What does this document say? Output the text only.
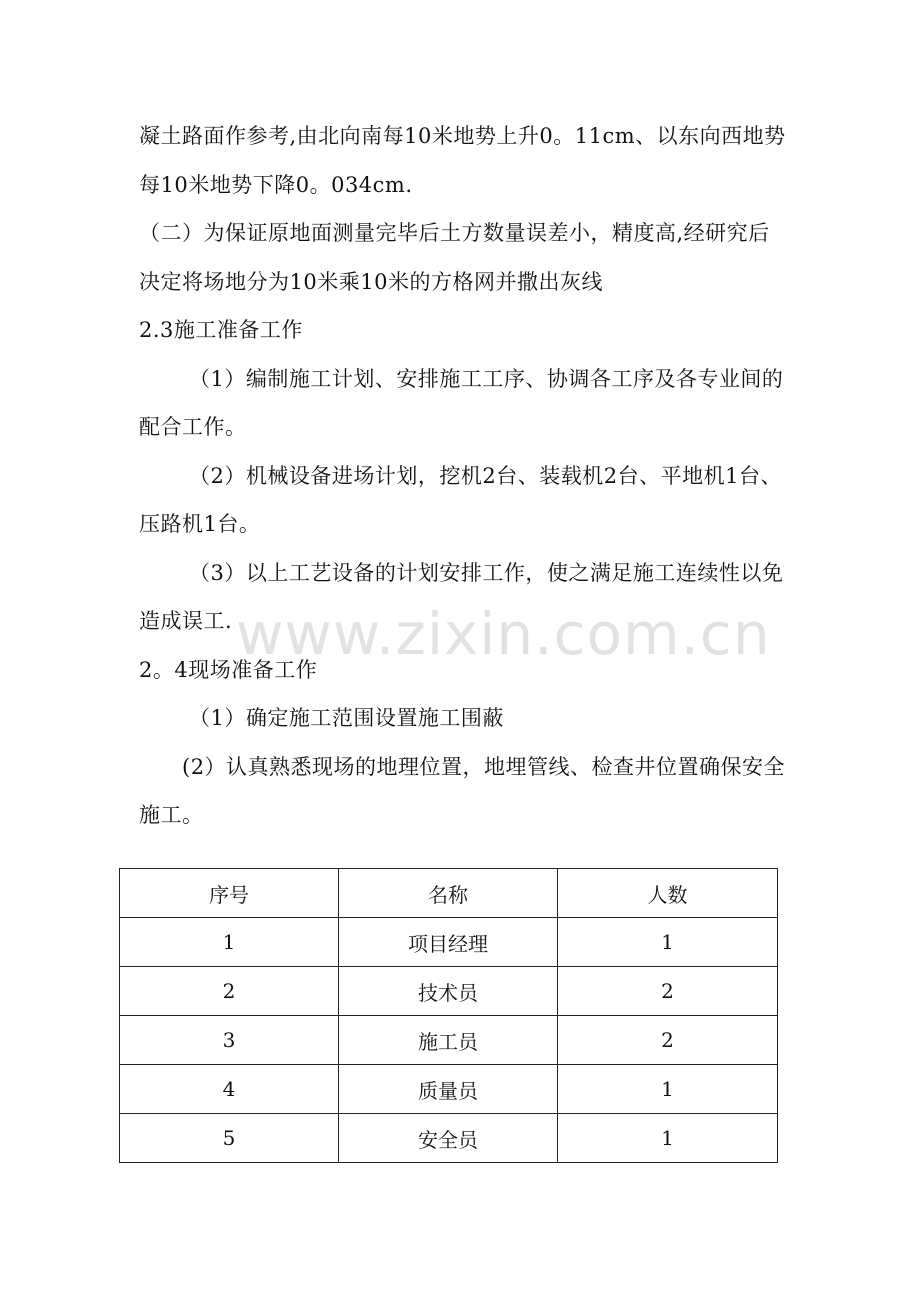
凝土路面作参考,由北向南每10米地势上升0。11cm、以东向西地势
每10米地势下降0。034cm.
（二）为保证原地面测量完毕后土方数量误差小，精度高,经研究后
决定将场地分为10米乘10米的方格网并撒出灰线
2.3施工准备工作
（1）编制施工计划、安排施工工序、协调各工序及各专业间的
配合工作。
（2）机械设备进场计划，挖机2台、装载机2台、平地机1台、
压路机1台。
（3）以上工艺设备的计划安排工作，使之满足施工连续性以免
造成误工.
2。4现场准备工作
（1）确定施工范围设置施工围蔽
(2）认真熟悉现场的地理位置，地埋管线、检查井位置确保安全
施工。
www.zixin.com.cn
序号	名称	人数
1	项目经理	1
2	技术员	2
3	施工员	2
4	质量员	1
5	安全员	1
